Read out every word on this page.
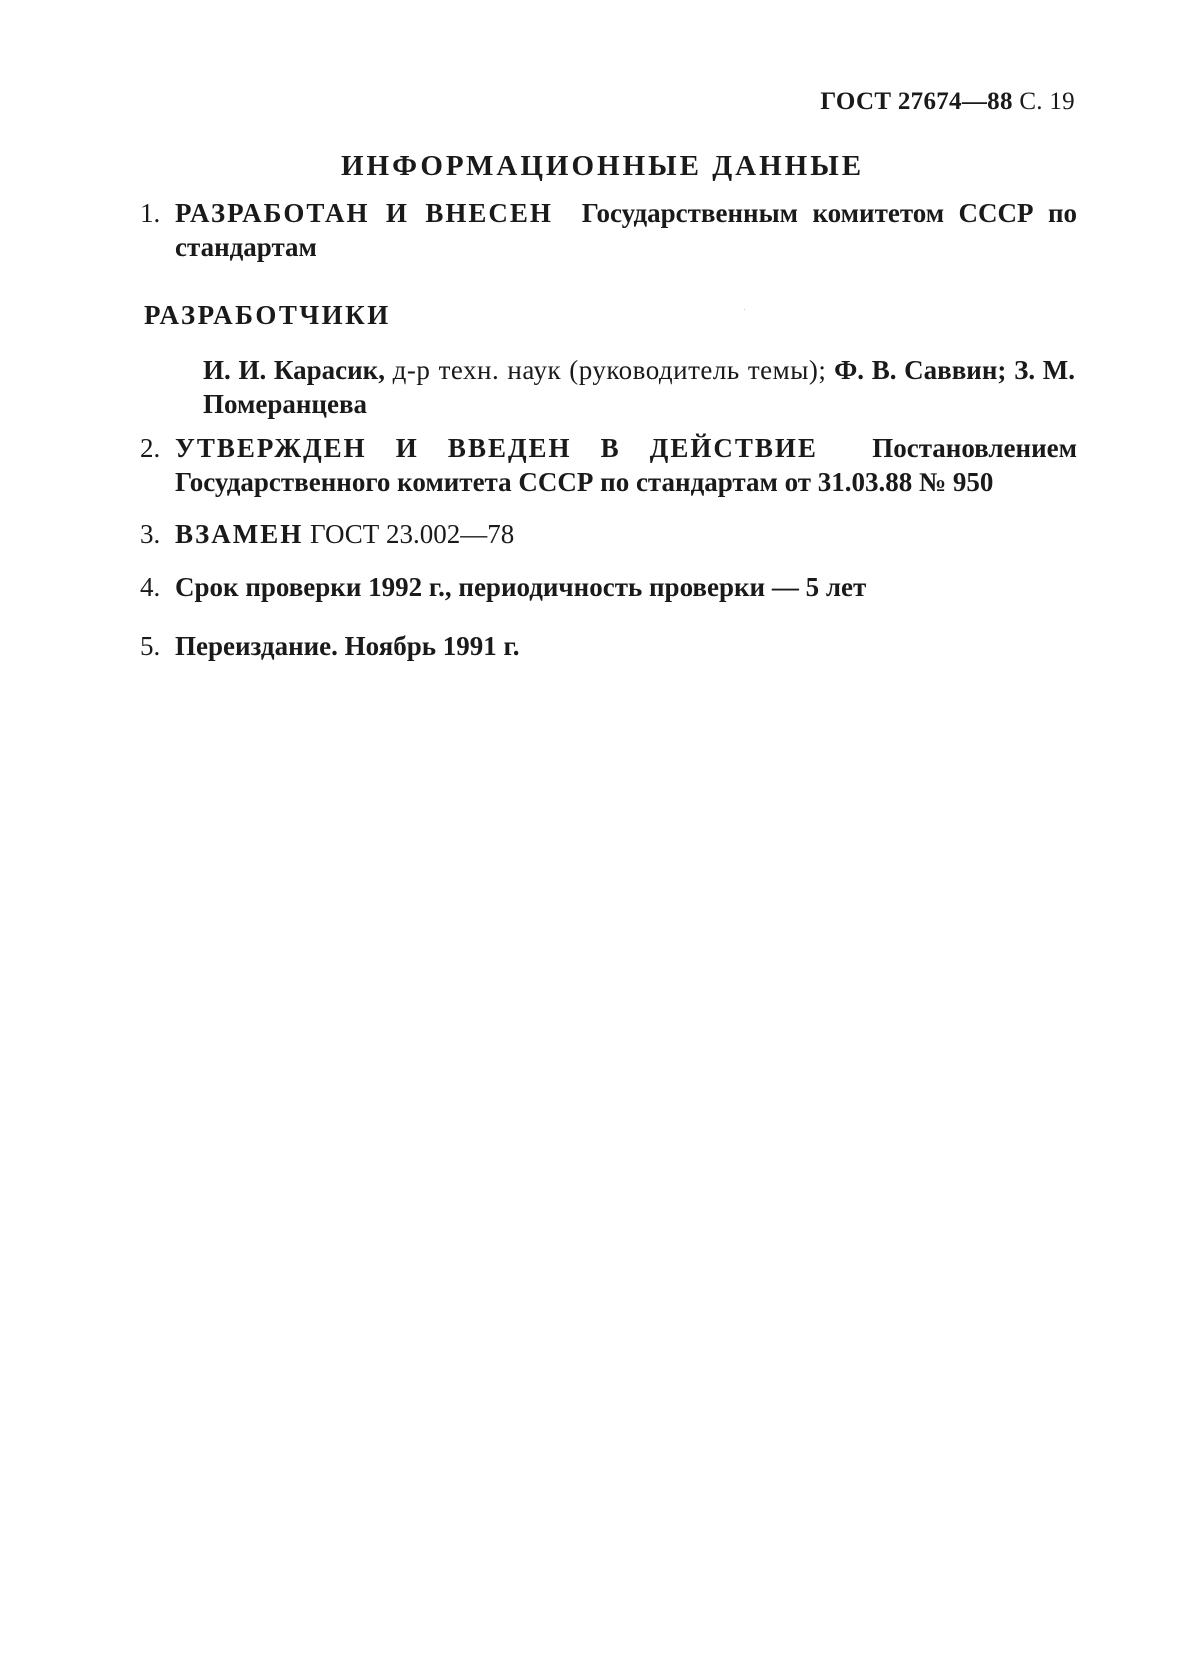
ГОСТ 27674—88 С. 19
ИНФОРМАЦИОННЫЕ ДАННЫЕ
1. РАЗРАБОТАН И ВНЕСЕН Государственным комитетом СССР по стандартам
РАЗРАБОТЧИКИ
И. И. Карасик, д-р техн. наук (руководитель темы); Ф. В. Саввин; З. М. Померанцева
2. УТВЕРЖДЕН И ВВЕДЕН В ДЕЙСТВИЕ Постановлением Государственного комитета СССР по стандартам от 31.03.88 № 950
3. ВЗАМЕН ГОСТ 23.002—78
4. Срок проверки 1992 г., периодичность проверки — 5 лет
5. Переиздание. Ноябрь 1991 г.
